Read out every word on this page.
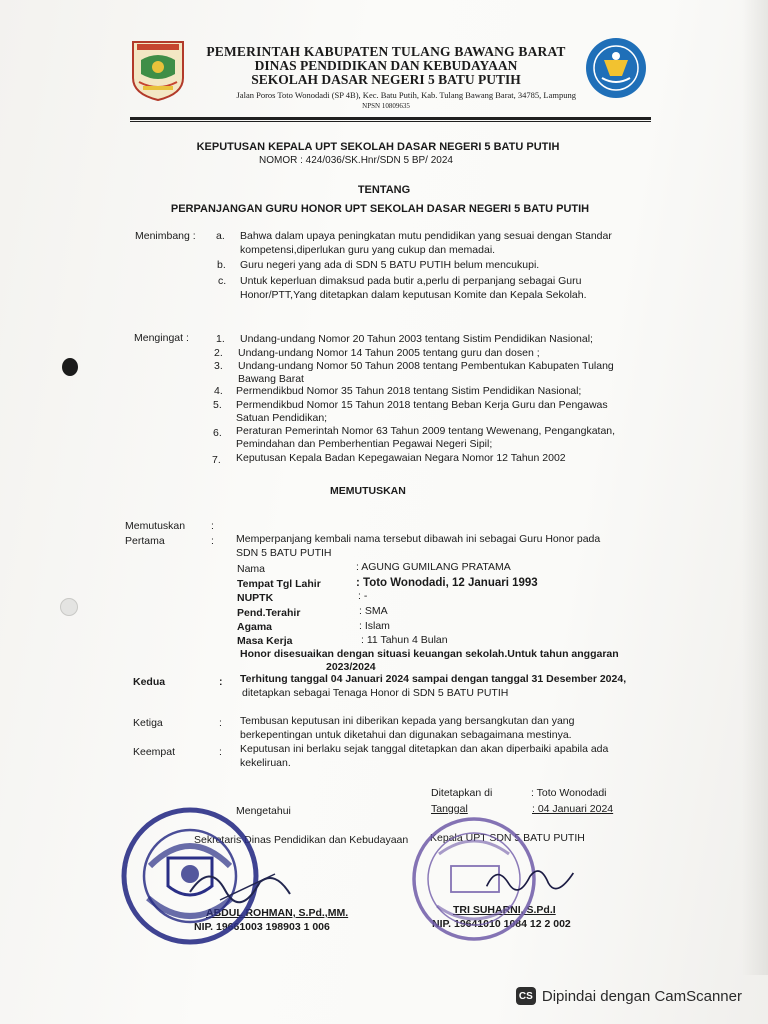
PEMERINTAH KABUPATEN TULANG BAWANG BARAT
DINAS PENDIDIKAN DAN KEBUDAYAAN
SEKOLAH DASAR NEGERI 5 BATU PUTIH
Jalan Poros Toto Wonodadi (SP 4B), Kec. Batu Putih, Kab. Tulang Bawang Barat, 34785, Lampung
NPSN 10809635
KEPUTUSAN KEPALA UPT SEKOLAH DASAR NEGERI 5 BATU PUTIH
NOMOR : 424/036/SK.Hnr/SDN 5 BP/ 2024
TENTANG
PERPANJANGAN GURU HONOR UPT SEKOLAH DASAR NEGERI 5 BATU PUTIH
Menimbang : a. Bahwa dalam upaya peningkatan mutu pendidikan yang sesuai dengan Standar
kompetensi,diperlukan guru yang cukup dan memadai.
b. Guru negeri yang ada di SDN 5 BATU PUTIH belum mencukupi.
c. Untuk keperluan dimaksud pada butir a,perlu di perpanjang sebagai Guru
Honor/PTT,Yang ditetapkan dalam keputusan Komite dan Kepala Sekolah.
Mengingat :	1. Undang-undang Nomor 20 Tahun 2003 tentang Sistim Pendidikan Nasional;
2. Undang-undang Nomor 14 Tahun 2005 tentang guru dan dosen ;
3. Undang-undang Nomor 50 Tahun 2008 tentang Pembentukan Kabupaten Tulang
Bawang Barat
4. Permendikbud Nomor 35 Tahun 2018 tentang Sistim Pendidikan Nasional;
5. Permendikbud Nomor 15 Tahun 2018 tentang Beban Kerja Guru dan Pengawas
Satuan Pendidikan;
6. Peraturan Pemerintah Nomor 63 Tahun 2009 tentang Wewenang, Pengangkatan,
Pemindahan dan Pemberhentian Pegawai Negeri Sipil;
7. Keputusan Kepala Badan Kepegawaian Negara Nomor 12 Tahun 2002
MEMUTUSKAN
Memutuskan :
Pertama	: Memperpanjang kembali nama tersebut dibawah ini sebagai Guru Honor pada
SDN 5 BATU PUTIH
Nama	: AGUNG GUMILANG PRATAMA
Tempat Tgl Lahir	: Toto Wonodadi, 12 Januari 1993
NUPTK	: -
Pend.Terahir	: SMA
Agama	: Islam
Masa Kerja	: 11 Tahun 4 Bulan
Honor disesuaikan dengan situasi keuangan sekolah.Untuk tahun anggaran
2023/2024
Kedua	: Terhitung tanggal 04 Januari 2024 sampai dengan tanggal 31 Desember 2024,
ditetapkan sebagai Tenaga Honor di SDN 5 BATU PUTIH
Ketiga	: Tembusan keputusan ini diberikan kepada yang bersangkutan dan yang
berkepentingan untuk diketahui dan digunakan sebagaimana mestinya.
Keempat	: Keputusan ini berlaku sejak tanggal ditetapkan dan akan diperbaiki apabila ada
kekeliruan.
Ditetapkan di	: Toto Wonodadi
Tanggal	: 04 Januari 2024
Mengetahui
Sekretaris Dinas Pendidikan dan Kebudayaan
ABDUL ROHMAN, S.Pd.,MM.
NIP. 19661003 198903 1 006
Kepala UPT SDN 5 BATU PUTIH
TRI SUHARNI, S.Pd.I
NIP. 19641010 1084 12 2 002
CS Dipindai dengan CamScanner
